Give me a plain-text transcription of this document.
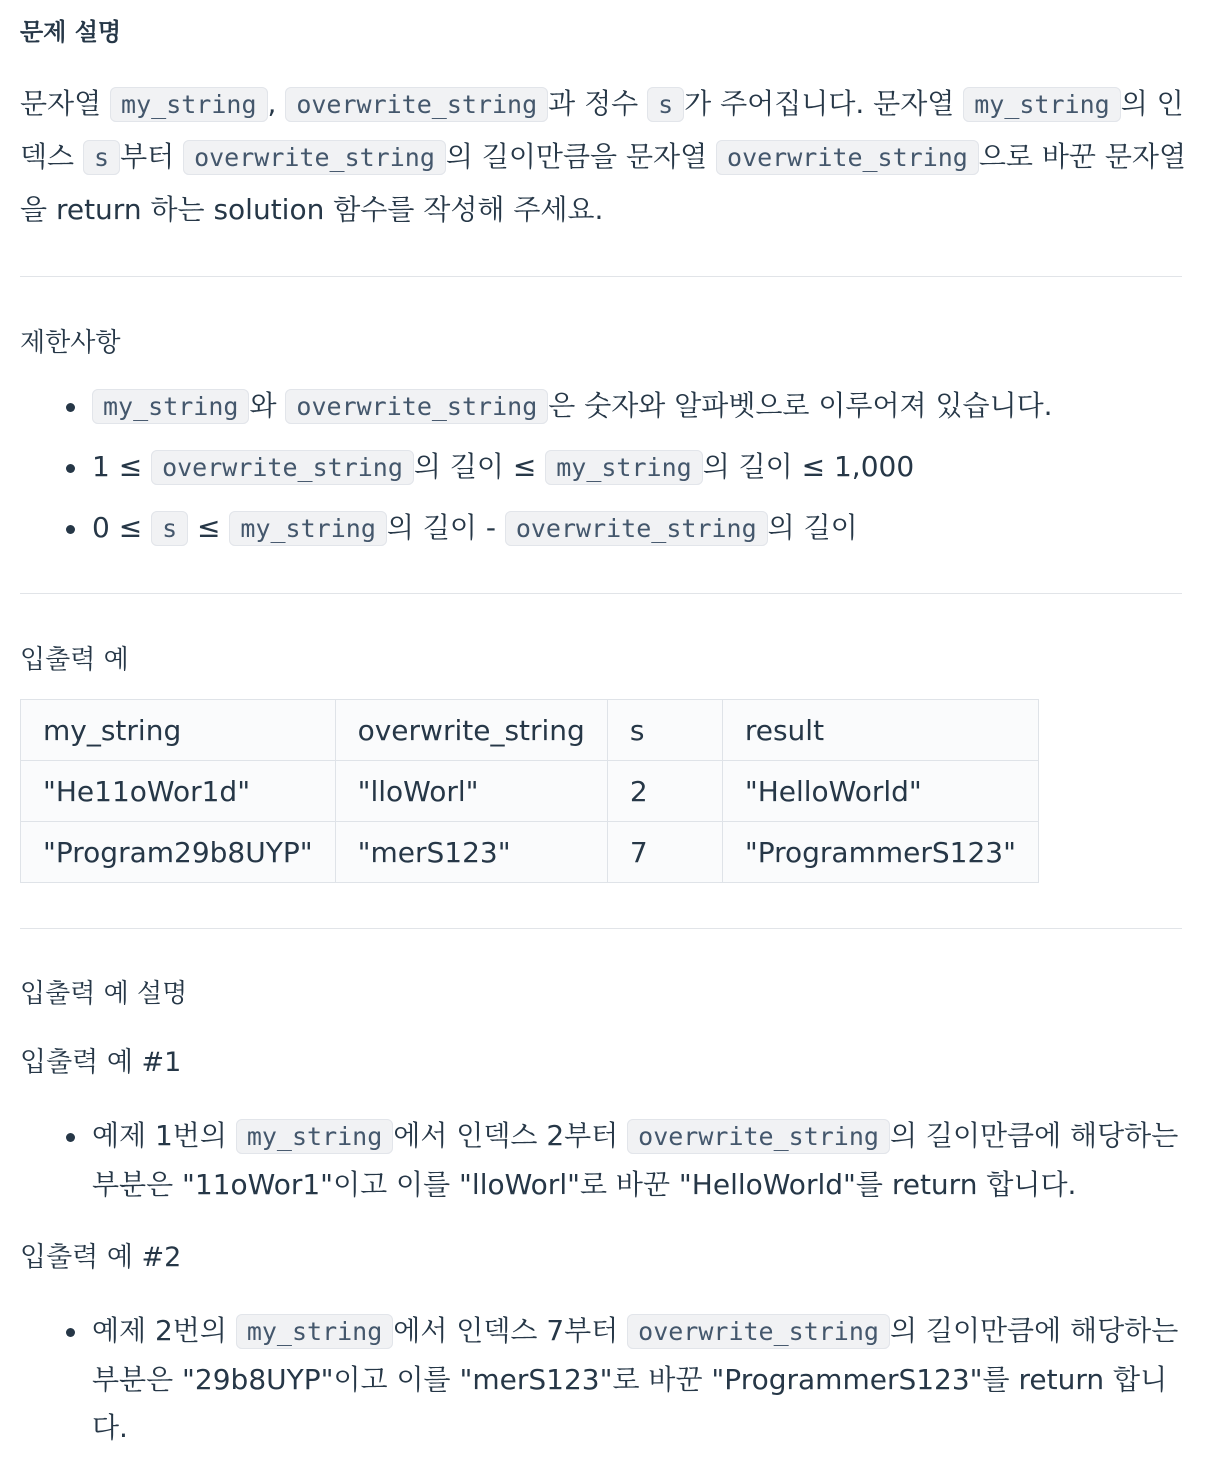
문제 설명

문자열 my_string , overwrite_string 과 정수 s 가 주어집니다. 문자열 my_string 의 인덱스 s 부터 overwrite_string 의 길이만큼을 문자열 overwrite_string 으로 바꾼 문자열을 return 하는 solution 함수를 작성해 주세요.

제한사항
my_string 와 overwrite_string 은 숫자와 알파벳으로 이루어져 있습니다.
1 ≤ overwrite_string 의 길이 ≤ my_string 의 길이 ≤ 1,000
0 ≤ s ≤ my_string 의 길이 - overwrite_string 의 길이
입출력 예
my_string	overwrite_string	s	result
"He11oWor1d"	"lloWorl"	2	"HelloWorld"
"Program29b8UYP"	"merS123"	7	"ProgrammerS123"
입출력 예 설명
입출력 예 #1
예제 1번의 my_string 에서 인덱스 2부터 overwrite_string 의 길이만큼에 해당하는 부분은 "11oWor1"이고 이를 "lloWorl"로 바꾼 "HelloWorld"를 return 합니다.
입출력 예 #2
예제 2번의 my_string 에서 인덱스 7부터 overwrite_string 의 길이만큼에 해당하는 부분은 "29b8UYP"이고 이를 "merS123"로 바꾼 "ProgrammerS123"를 return 합니다.
